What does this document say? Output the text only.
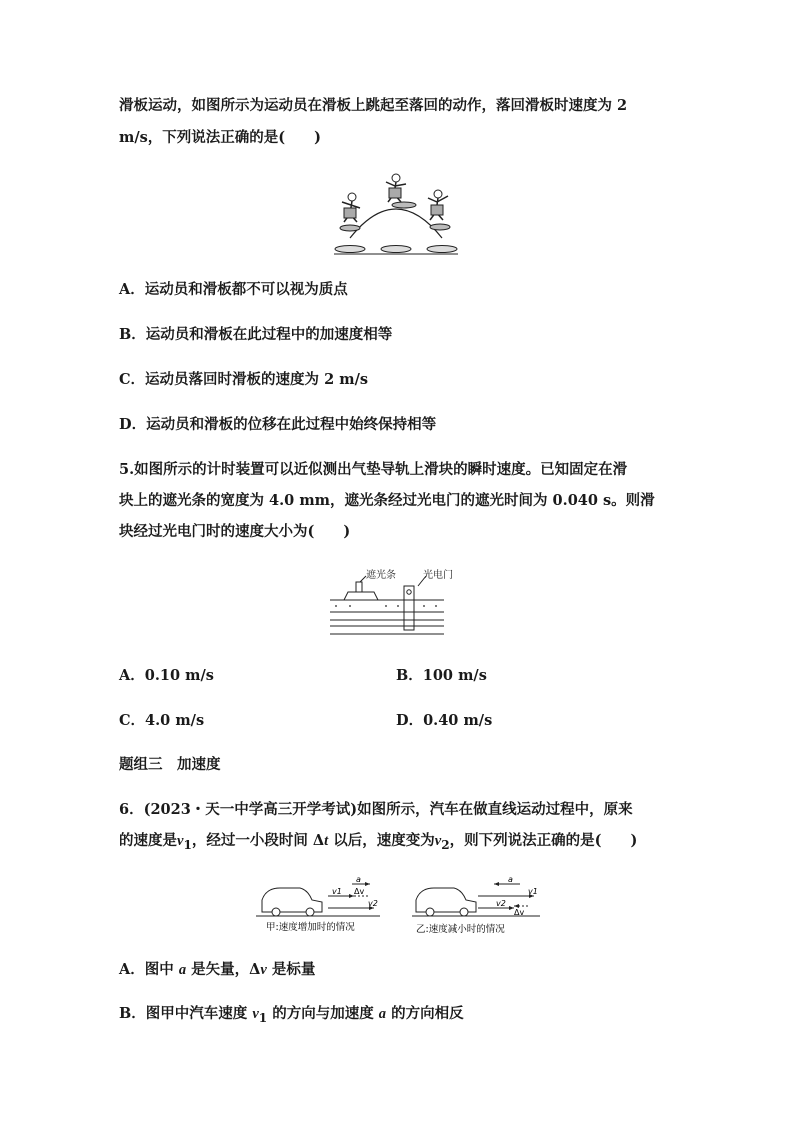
滑板运动，如图所示为运动员在滑板上跳起至落回的动作，落回滑板时速度为 2
m/s，下列说法正确的是(　　)
A．运动员和滑板都不可以视为质点
B．运动员和滑板在此过程中的加速度相等
C．运动员落回时滑板的速度为 2 m/s
D．运动员和滑板的位移在此过程中始终保持相等
5.如图所示的计时装置可以近似测出气垫导轨上滑块的瞬时速度。已知固定在滑
块上的遮光条的宽度为 4.0 mm，遮光条经过光电门的遮光时间为 0.040 s。则滑
块经过光电门时的速度大小为(　　)
遮光条	光电门
A．0.10 m/s	B．100 m/s
C．4.0 m/s	D．0.40 m/s
题组三　加速度
6．(2023・天一中学高三开学考试)如图所示，汽车在做直线运动过程中，原来
的速度是$v_1$，经过一小段时间 Δt 以后，速度变为$v_2$，则下列说法正确的是(　　)
a
v1 Δv
v2
甲:速度增加时的情况
a
v1
v2
Δv
乙:速度减小时的情况
A．图中 a 是矢量，Δv 是标量
B．图甲中汽车速度 $v_1$ 的方向与加速度 a 的方向相反
